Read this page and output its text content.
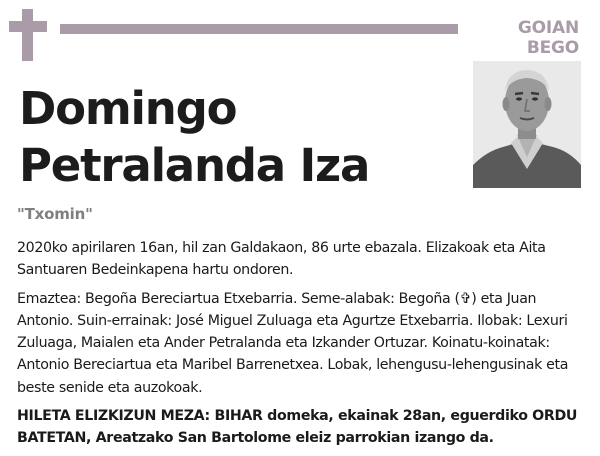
GOIAN BEGO
Domingo
Petralanda Iza
"Txomin"

2020ko apirilaren 16an, hil zan Galdakaon, 86 urte ebazala. Elizakoak eta Aita Santuaren Bedeinkapena hartu ondoren.

Emaztea: Begoña Bereciartua Etxebarria. Seme-alabak: Begoña (✞) eta Juan Antonio. Suin-errainak: José Miguel Zuluaga eta Agurtze Etxebarria. Ilobak: Lexuri Zuluaga, Maialen eta Ander Petralanda eta Izkander Ortuzar. Koinatu-koinatak: Antonio Bereciartua eta Maribel Barrenetxea. Lobak, lehengusu-lehengusinak eta beste senide eta auzokoak.

HILETA ELIZKIZUN MEZA: BIHAR domeka, ekainak 28an, eguerdiko ORDU BATETAN, Areatzako San Bartolome eleiz parrokian izango da.
